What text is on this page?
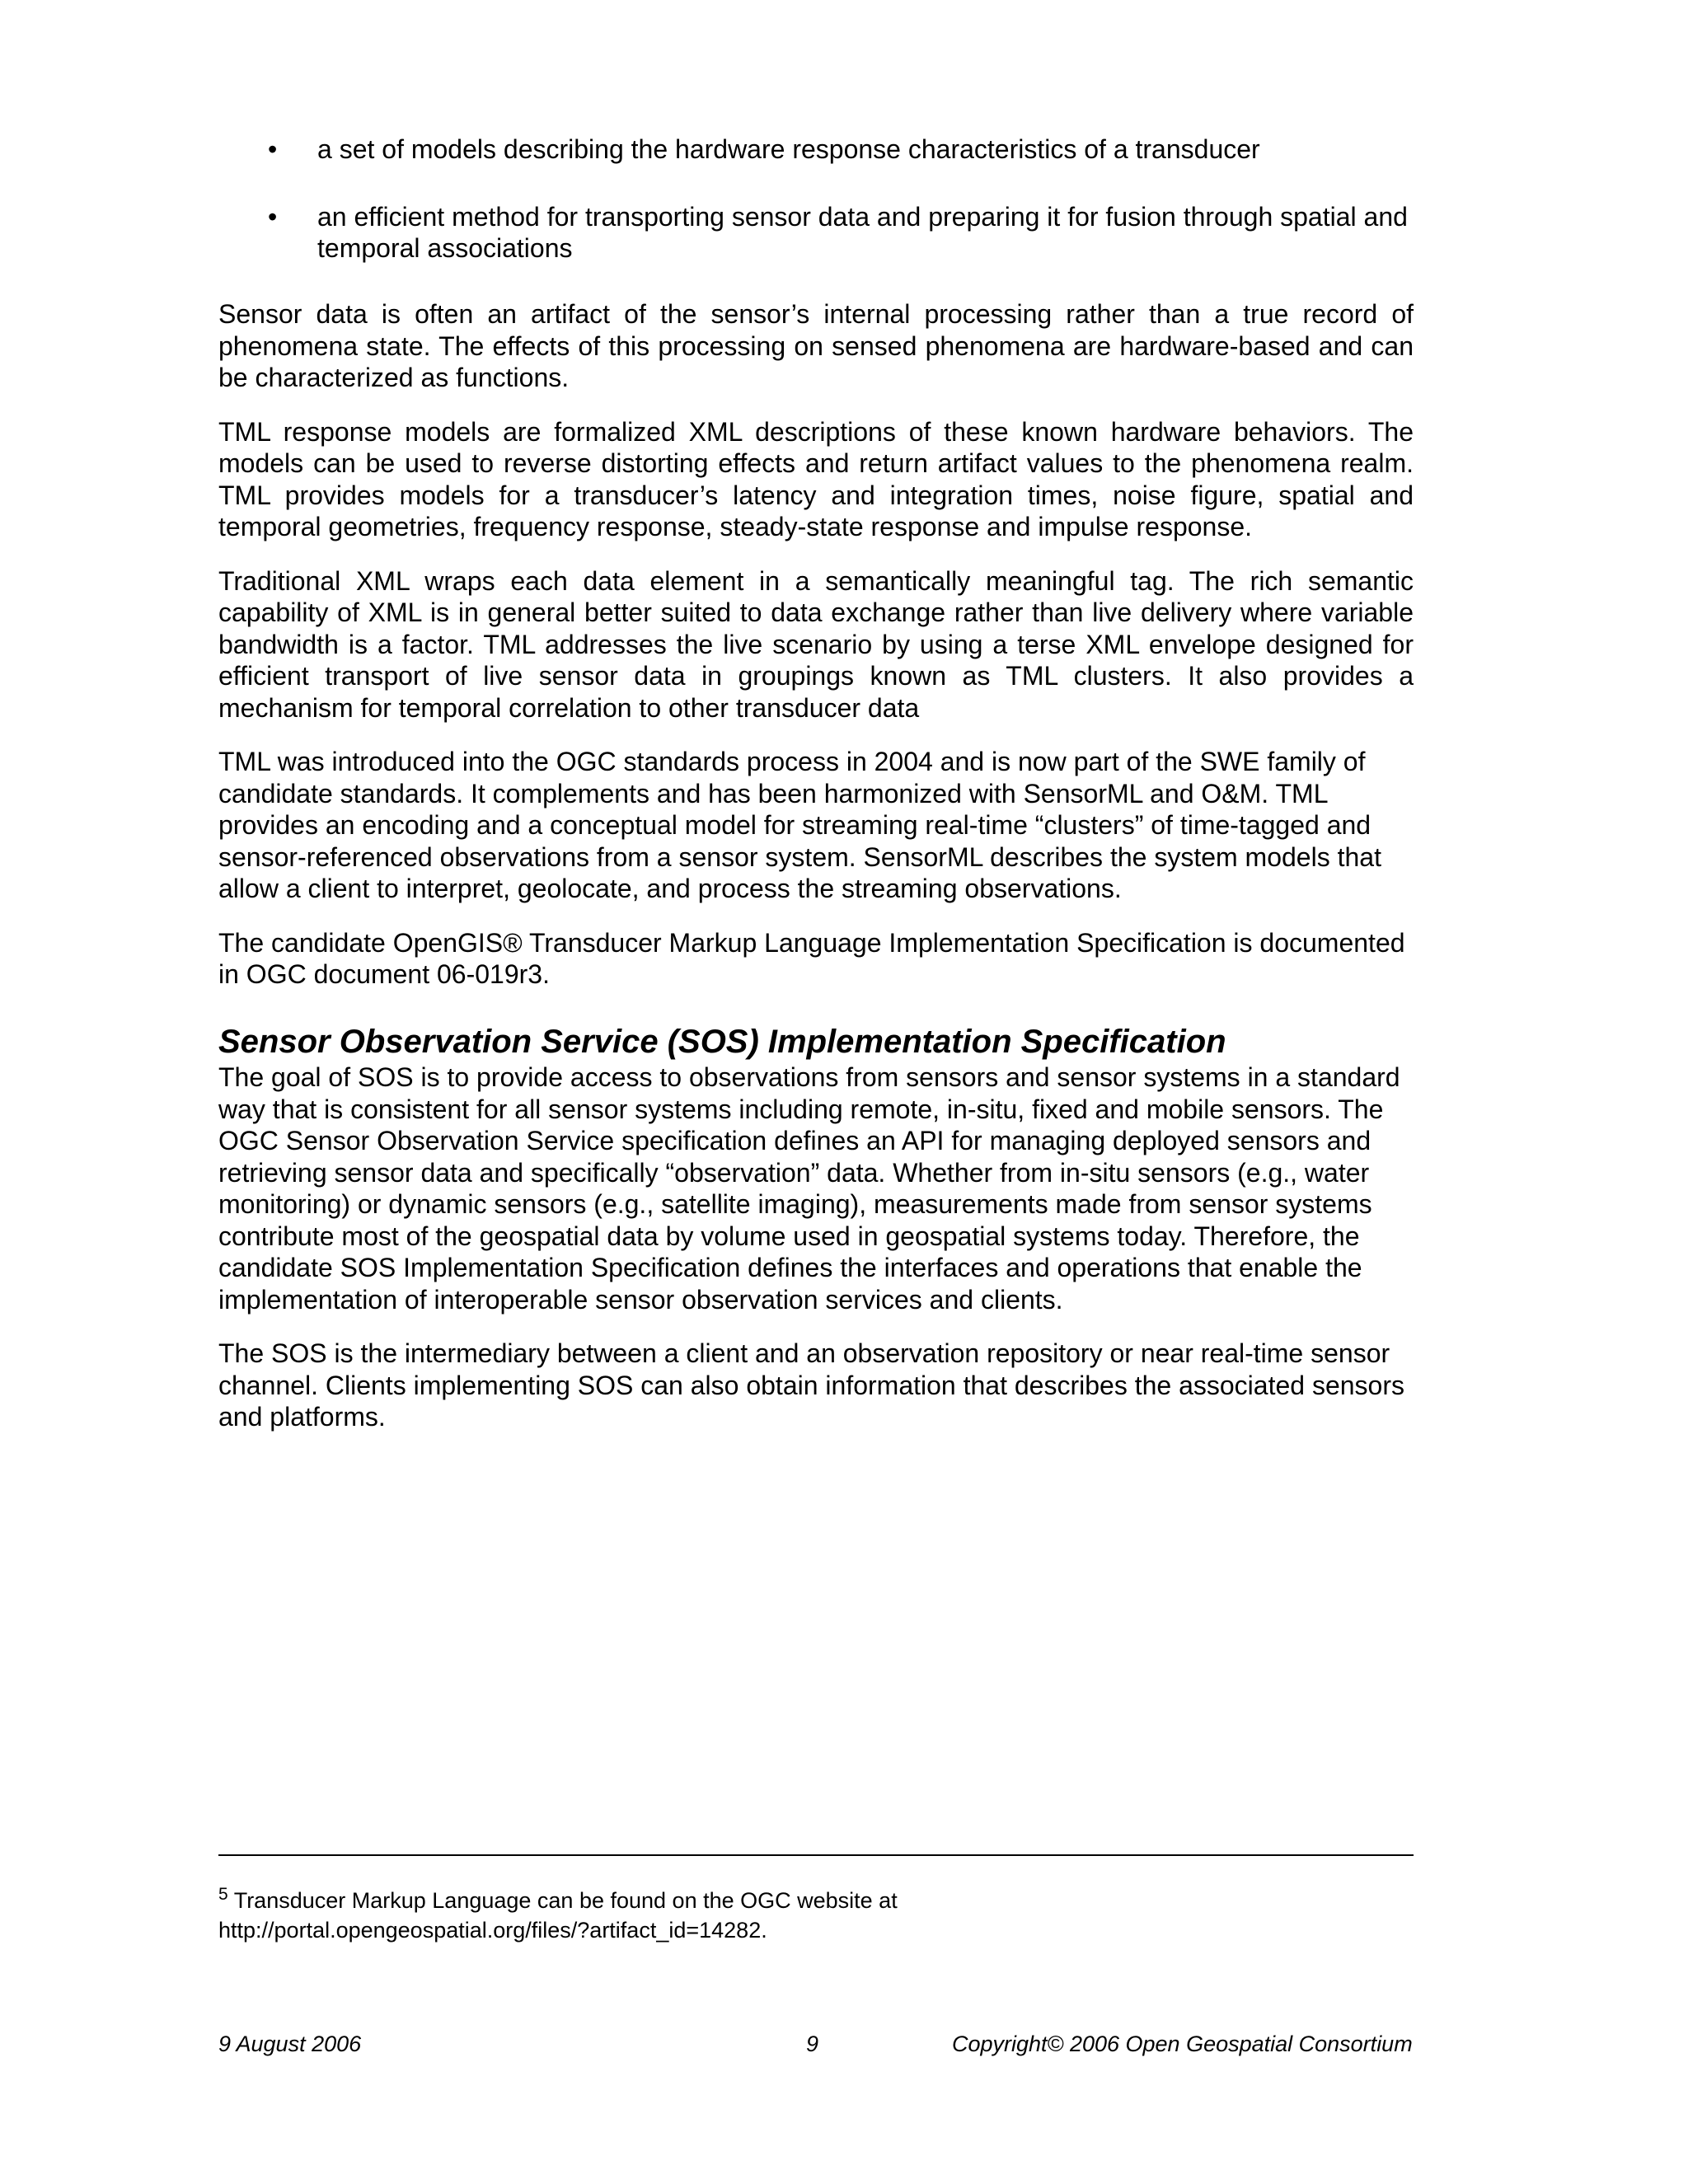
• a set of models describing the hardware response characteristics of a transducer
• an efficient method for transporting sensor data and preparing it for fusion through spatial and temporal associations

Sensor data is often an artifact of the sensor’s internal processing rather than a true record of phenomena state. The effects of this processing on sensed phenomena are hardware-based and can be characterized as functions.

TML response models are formalized XML descriptions of these known hardware behaviors. The models can be used to reverse distorting effects and return artifact values to the phenomena realm. TML provides models for a transducer’s latency and integration times, noise figure, spatial and temporal geometries, frequency response, steady-state response and impulse response.

Traditional XML wraps each data element in a semantically meaningful tag. The rich semantic capability of XML is in general better suited to data exchange rather than live delivery where variable bandwidth is a factor. TML addresses the live scenario by using a terse XML envelope designed for efficient transport of live sensor data in groupings known as TML clusters. It also provides a mechanism for temporal correlation to other transducer data

TML was introduced into the OGC standards process in 2004 and is now part of the SWE family of candidate standards. It complements and has been harmonized with SensorML and O&M. TML provides an encoding and a conceptual model for streaming real-time “clusters” of time-tagged and sensor-referenced observations from a sensor system. SensorML describes the system models that allow a client to interpret, geolocate, and process the streaming observations.

The candidate OpenGIS® Transducer Markup Language Implementation Specification is documented in OGC document 06-019r3.

Sensor Observation Service (SOS) Implementation Specification

The goal of SOS is to provide access to observations from sensors and sensor systems in a standard way that is consistent for all sensor systems including remote, in-situ, fixed and mobile sensors. The OGC Sensor Observation Service specification defines an API for managing deployed sensors and retrieving sensor data and specifically “observation” data. Whether from in-situ sensors (e.g., water monitoring) or dynamic sensors (e.g., satellite imaging), measurements made from sensor systems contribute most of the geospatial data by volume used in geospatial systems today. Therefore, the candidate SOS Implementation Specification defines the interfaces and operations that enable the implementation of interoperable sensor observation services and clients.

The SOS is the intermediary between a client and an observation repository or near real-time sensor channel. Clients implementing SOS can also obtain information that describes the associated sensors and platforms.

$^5$ Transducer Markup Language can be found on the OGC website at
http://portal.opengeospatial.org/files/?artifact_id=14282.
9 August 2006	9	Copyright© 2006 Open Geospatial Consortium
